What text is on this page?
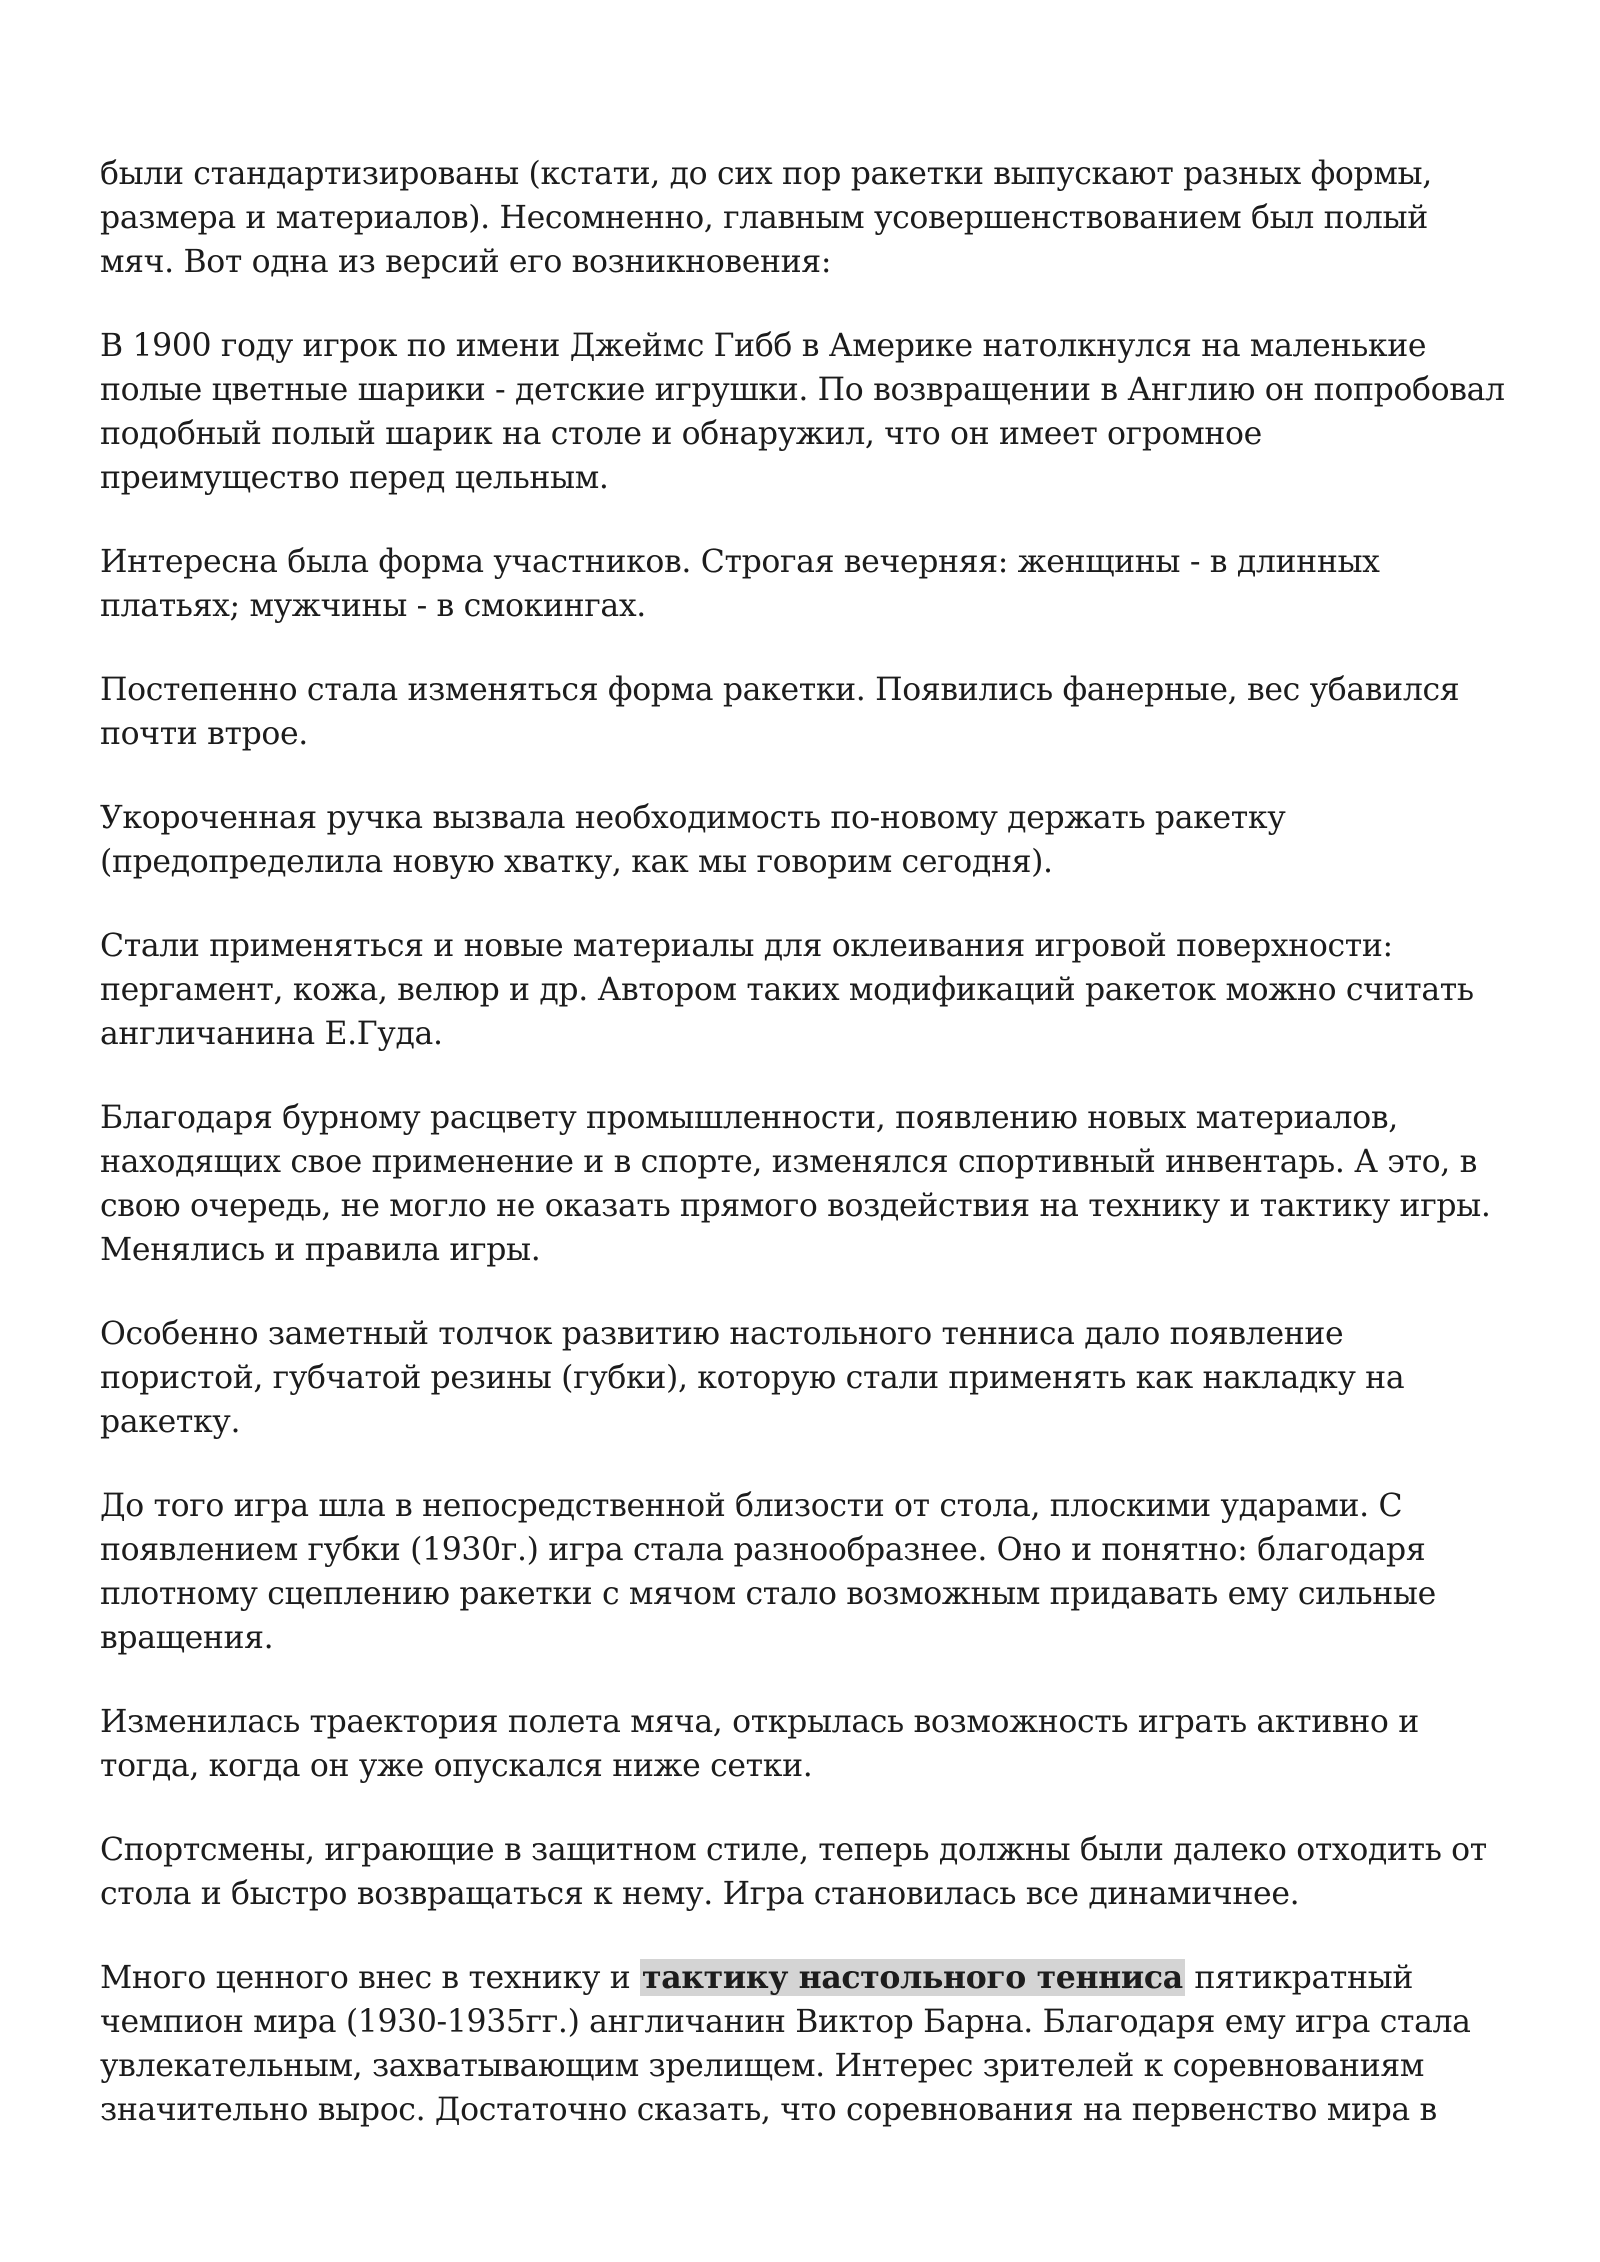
были стандартизированы (кстати, до сих пор ракетки выпускают разных формы, размера и материалов). Несомненно, главным усовершенствованием был полый мяч. Вот одна из версий его возникновения:

В 1900 году игрок по имени Джеймс Гибб в Америке натолкнулся на маленькие полые цветные шарики - детские игрушки. По возвращении в Англию он попробовал подобный полый шарик на столе и обнаружил, что он имеет огромное преимущество перед цельным.

Интересна была форма участников. Строгая вечерняя: женщины - в длинных платьях; мужчины - в смокингах.

Постепенно стала изменяться форма ракетки. Появились фанерные, вес убавился почти втрое.

Укороченная ручка вызвала необходимость по-новому держать ракетку (предопределила новую хватку, как мы говорим сегодня).

Стали применяться и новые материалы для оклеивания игровой поверхности: пергамент, кожа, велюр и др. Автором таких модификаций ракеток можно считать англичанина Е.Гуда.

Благодаря бурному расцвету промышленности, появлению новых материалов, находящих свое применение и в спорте, изменялся спортивный инвентарь. А это, в свою очередь, не могло не оказать прямого воздействия на технику и тактику игры. Менялись и правила игры.

Особенно заметный толчок развитию настольного тенниса дало появление пористой, губчатой резины (губки), которую стали применять как накладку на ракетку.

До того игра шла в непосредственной близости от стола, плоскими ударами. С появлением губки (1930г.) игра стала разнообразнее. Оно и понятно: благодаря плотному сцеплению ракетки с мячом стало возможным придавать ему сильные вращения.

Изменилась траектория полета мяча, открылась возможность играть активно и тогда, когда он уже опускался ниже сетки.

Спортсмены, играющие в защитном стиле, теперь должны были далеко отходить от стола и быстро возвращаться к нему. Игра становилась все динамичнее.

Много ценного внес в технику и тактику настольного тенниса пятикратный чемпион мира (1930-1935гг.) англичанин Виктор Барна. Благодаря ему игра стала увлекательным, захватывающим зрелищем. Интерес зрителей к соревнованиям значительно вырос. Достаточно сказать, что соревнования на первенство мира в
